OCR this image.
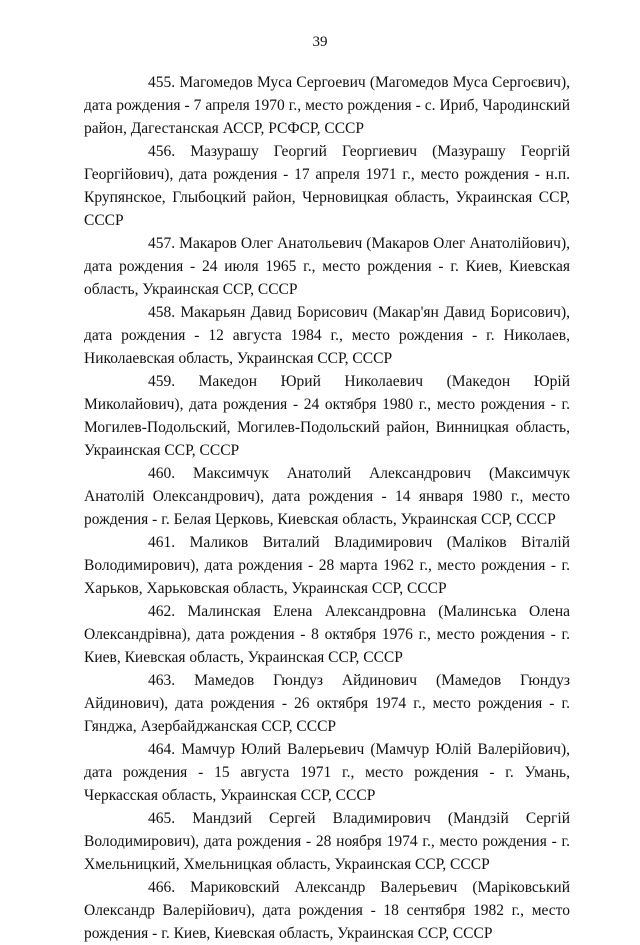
39

455. Магомедов Муса Сергоевич (Магомедов Муса Сергоєвич), дата рождения - 7 апреля 1970 г., место рождения - с. Ириб, Чародинский район, Дагестанская АССР, РСФСР, СССР

456. Мазурашу Георгий Георгиевич (Мазурашу Георгій Георгійович), дата рождения - 17 апреля 1971 г., место рождения - н.п. Крупянское, Глыбоцкий район, Черновицкая область, Украинская ССР, СССР

457. Макаров Олег Анатольевич (Макаров Олег Анатолійович), дата рождения - 24 июля 1965 г., место рождения - г. Киев, Киевская область, Украинская ССР, СССР

458. Макарьян Давид Борисович (Макар'ян Давид Борисович), дата рождения - 12 августа 1984 г., место рождения - г. Николаев, Николаевская область, Украинская ССР, СССР

459. Македон Юрий Николаевич (Македон Юрій Миколайович), дата рождения - 24 октября 1980 г., место рождения - г. Могилев-Подольский, Могилев-Подольский район, Винницкая область, Украинская ССР, СССР

460. Максимчук Анатолий Александрович (Максимчук Анатолій Олександрович), дата рождения - 14 января 1980 г., место рождения - г. Белая Церковь, Киевская область, Украинская ССР, СССР

461. Маликов Виталий Владимирович (Маліков Віталій Володимирович), дата рождения - 28 марта 1962 г., место рождения - г. Харьков, Харьковская область, Украинская ССР, СССР

462. Малинская Елена Александровна (Малинська Олена Олександрівна), дата рождения - 8 октября 1976 г., место рождения - г. Киев, Киевская область, Украинская ССР, СССР

463. Мамедов Гюндуз Айдинович (Мамедов Гюндуз Айдинович), дата рождения - 26 октября 1974 г., место рождения - г. Гянджа, Азербайджанская ССР, СССР

464. Мамчур Юлий Валерьевич (Мамчур Юлій Валерійович), дата рождения - 15 августа 1971 г., место рождения - г. Умань, Черкасская область, Украинская ССР, СССР

465. Мандзий Сергей Владимирович (Мандзій Сергій Володимирович), дата рождения - 28 ноября 1974 г., место рождения - г. Хмельницкий, Хмельницкая область, Украинская ССР, СССР

466. Мариковский Александр Валерьевич (Маріковський Олександр Валерійович), дата рождения - 18 сентября 1982 г., место рождения - г. Киев, Киевская область, Украинская ССР, СССР
